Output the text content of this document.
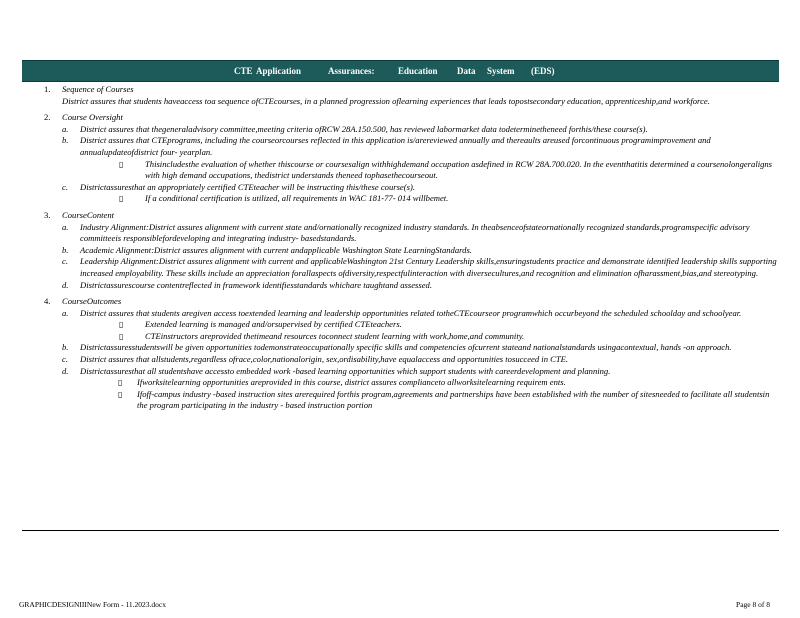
CTE Application	Assurances:	Education Data System (EDS)
1. Sequence of Courses
District assures that students haveaccess toa sequence ofCTEcourses, in a planned progression oflearning experiences that leads topostsecondary education, apprenticeship,and workforce.
2. Course Oversight
a. District assures that thegeneraladvisory committee,meeting criteria ofRCW 28A.150.500, has reviewed labormarket data todeterminetheneed forthis/these course(s).
b. District assures that CTEprograms, including the courseorcourses reflected in this application is/arereviewed annually and thereaults areused forcontinuous programimprovement and annualupdateofdistrict four- yearplan.
▯	Thisincludesthe evaluation of whether thiscourse or coursesalign withhighdemand occupation asdefined in RCW 28A.700.020. In the eventthatitis determined a coursenolongeraligns with high demand occupations, thedistrict understands theneed tophasethecourseout.
c. Districtassuresthat an appropriately certified CTEteacher will be instructing this/these course(s).
▯	If a conditional certification is utilized, all requirements in WAC 181-77- 014 willbemet.
3. CourseContent
a. Industry Alignment:District assures alignment with current state and/ornationally recognized industry standards. In theabsenceofstateornationally recognized standards,programspecific advisory committeeis responsiblefordeveloping and integrating industry- basedstandards.
b. Academic Alignment:District assures alignment with current andapplicable Washington State LearningStandards.
c. Leadership Alignment:District assures alignment with current and applicableWashington 21st Century Leadership skills,ensuringstudents practice and demonstrate identified leadership skills supporting increased employability. These skills include an appreciation forallaspects ofdiversity,respectfulinteraction with diversecultures,and recognition and elimination ofharassment,bias,and stereotyping.
d. Districtassurescourse contentreflected in framework identifiesstandards whichare taughtand assessed.
4. CourseOutcomes
a. District assures that students aregiven access toextended learning and leadership opportunities related totheCTEcourseor programwhich occurbeyond the scheduled schoolday and schoolyear.
▯	Extended learning is managed and/orsupervised by certified CTEteachers.
▯	CTEinstructors areprovided thetimeand resources toconnect student learning with work,home,and community.
b. Districtassuresstudentswill be given opportunities todemonstrateoccupationally specific skills and competencies ofcurrent stateand nationalstandards usingacontextual, hands -on approach.
c. District assures that allstudents,regardless ofrace,color,nationalorigin, sex,ordisability,have equalaccess and opportunities tosucceed in CTE.
d. Districtassuresthat all studentshave accessto embedded work -based learning opportunities which support students with careerdevelopment and planning.
▯ Ifworksitelearning opportunities areprovided in this course, district assures complianceto allworksitelearning requirem ents.
▯ Ifoff-campus industry -based instruction sites arerequired forthis program,agreements and partnerships have been established with the number of sitesneeded to facilitate all studentsin the program participating in the industry - based instruction portion
GRAPHICDESIGNIIINew Form - 11.2023.docx	Page 8 of 8
